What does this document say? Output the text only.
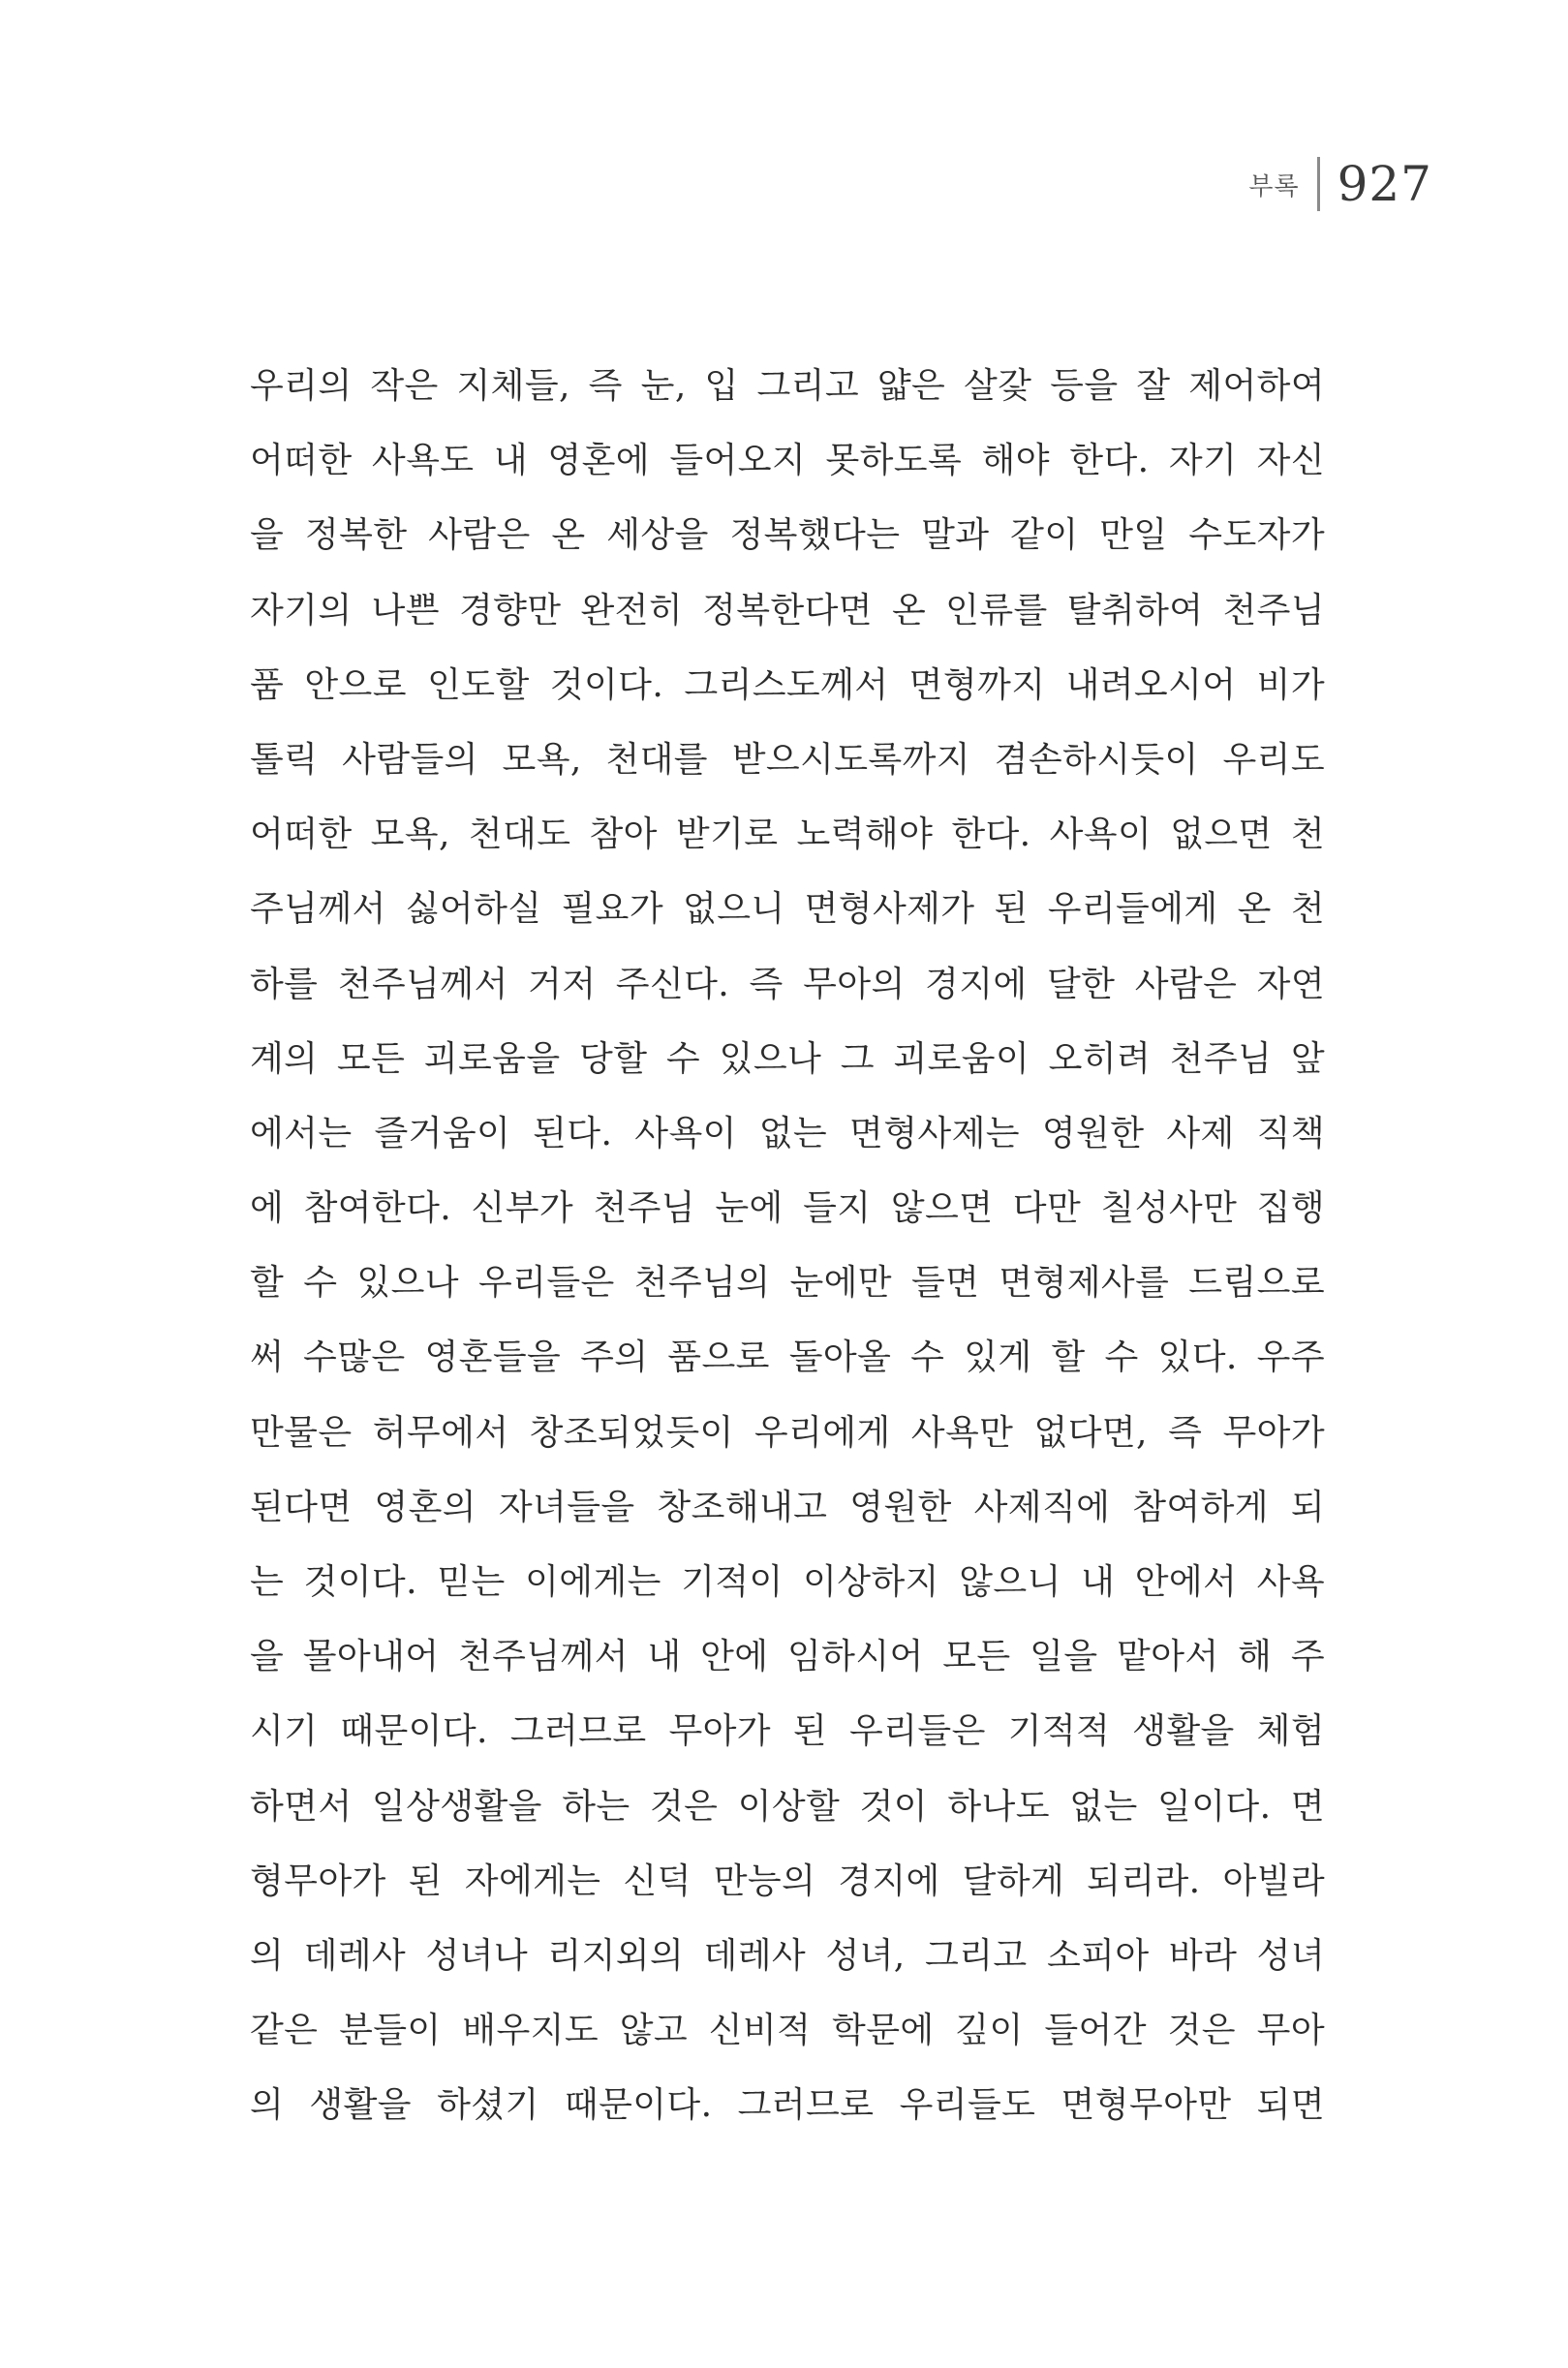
부록 927
우리의 작은 지체들, 즉 눈, 입 그리고 얇은 살갗 등을 잘 제어하여
어떠한 사욕도 내 영혼에 들어오지 못하도록 해야 한다. 자기 자신
을 정복한 사람은 온 세상을 정복했다는 말과 같이 만일 수도자가
자기의 나쁜 경향만 완전히 정복한다면 온 인류를 탈취하여 천주님
품 안으로 인도할 것이다. 그리스도께서 면형까지 내려오시어 비가
톨릭 사람들의 모욕, 천대를 받으시도록까지 겸손하시듯이 우리도
어떠한 모욕, 천대도 참아 받기로 노력해야 한다. 사욕이 없으면 천
주님께서 싫어하실 필요가 없으니 면형사제가 된 우리들에게 온 천
하를 천주님께서 거저 주신다. 즉 무아의 경지에 달한 사람은 자연
계의 모든 괴로움을 당할 수 있으나 그 괴로움이 오히려 천주님 앞
에서는 즐거움이 된다. 사욕이 없는 면형사제는 영원한 사제 직책
에 참여한다. 신부가 천주님 눈에 들지 않으면 다만 칠성사만 집행
할 수 있으나 우리들은 천주님의 눈에만 들면 면형제사를 드림으로
써 수많은 영혼들을 주의 품으로 돌아올 수 있게 할 수 있다. 우주
만물은 허무에서 창조되었듯이 우리에게 사욕만 없다면, 즉 무아가
된다면 영혼의 자녀들을 창조해내고 영원한 사제직에 참여하게 되
는 것이다. 믿는 이에게는 기적이 이상하지 않으니 내 안에서 사욕
을 몰아내어 천주님께서 내 안에 임하시어 모든 일을 맡아서 해 주
시기 때문이다. 그러므로 무아가 된 우리들은 기적적 생활을 체험
하면서 일상생활을 하는 것은 이상할 것이 하나도 없는 일이다. 면
형무아가 된 자에게는 신덕 만능의 경지에 달하게 되리라. 아빌라
의 데레사 성녀나 리지외의 데레사 성녀, 그리고 소피아 바라 성녀
같은 분들이 배우지도 않고 신비적 학문에 깊이 들어간 것은 무아
의 생활을 하셨기 때문이다. 그러므로 우리들도 면형무아만 되면
